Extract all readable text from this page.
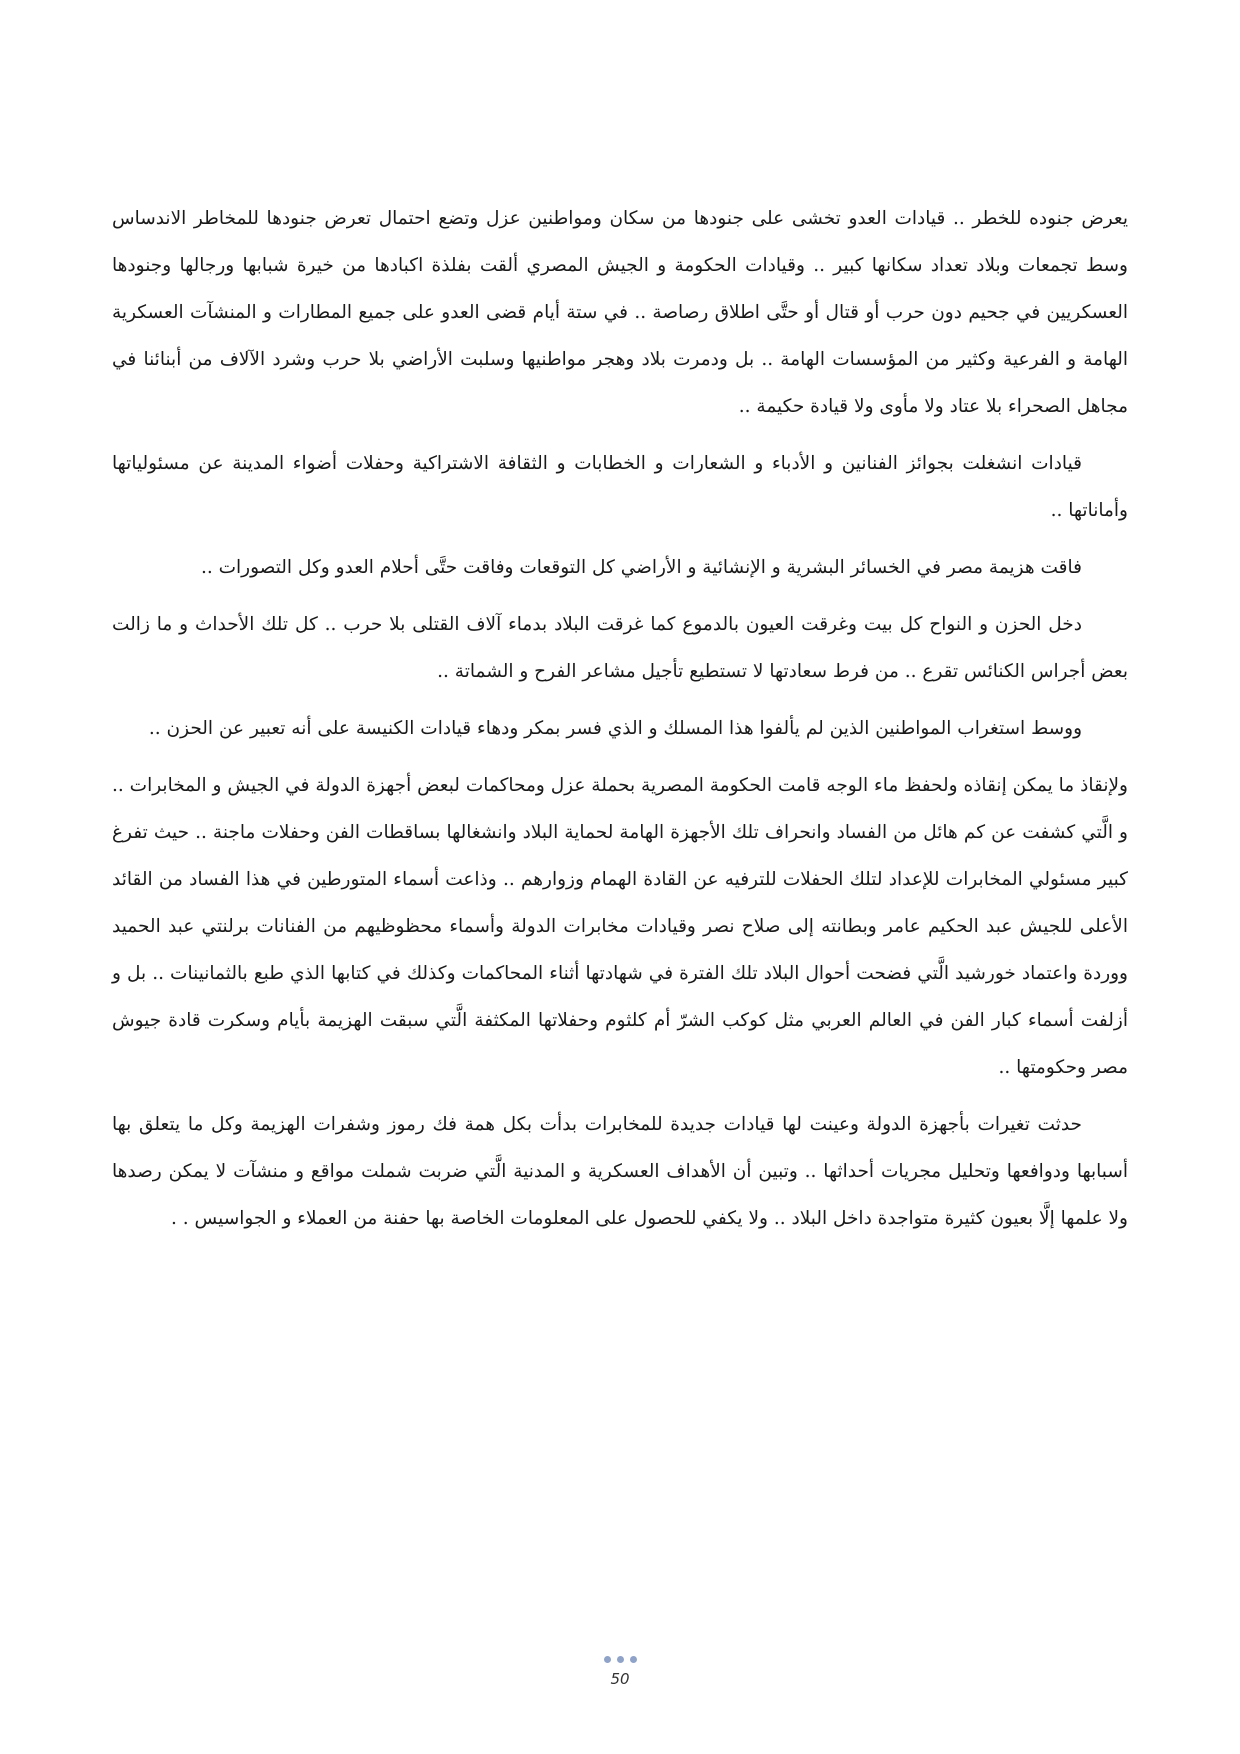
يعرض جنوده للخطر .. قيادات العدو تخشى على جنودها من سكان ومواطنين عزل وتضع احتمال تعرض جنودها للمخاطر الاندساس وسط تجمعات وبلاد تعداد سكانها كبير .. وقيادات الحكومة و الجيش المصري ألقت بفلذة اكبادها من خيرة شبابها ورجالها وجنودها العسكريين في جحيم دون حرب أو قتال أو حتَّى اطلاق رصاصة .. في ستة أيام قضى العدو على جميع المطارات و المنشآت العسكرية الهامة و الفرعية وكثير من المؤسسات الهامة .. بل ودمرت بلاد وهجر مواطنيها وسلبت الأراضي بلا حرب وشرد الآلاف من أبنائنا في مجاهل الصحراء بلا عتاد ولا مأوى ولا قيادة حكيمة ..

قيادات انشغلت بجوائز الفنانين و الأدباء و الشعارات و الخطابات و الثقافة الاشتراكية وحفلات أضواء المدينة عن مسئولياتها وأماناتها ..

فاقت هزيمة مصر في الخسائر البشرية و الإنشائية و الأراضي كل التوقعات وفاقت حتَّى أحلام العدو وكل التصورات ..

دخل الحزن و النواح كل بيت وغرقت العيون بالدموع كما غرقت البلاد بدماء آلاف القتلى بلا حرب .. كل تلك الأحداث و ما زالت بعض أجراس الكنائس تقرع .. من فرط سعادتها لا تستطيع تأجيل مشاعر الفرح و الشماتة ..

ووسط استغراب المواطنين الذين لم يألفوا هذا المسلك و الذي فسر بمكر ودهاء قيادات الكنيسة على أنه تعبير عن الحزن ..

ولإنقاذ ما يمكن إنقاذه ولحفظ ماء الوجه قامت الحكومة المصرية بحملة عزل ومحاكمات لبعض أجهزة الدولة في الجيش و المخابرات .. و الَّتي كشفت عن كم هائل من الفساد وانحراف تلك الأجهزة الهامة لحماية البلاد وانشغالها بساقطات الفن وحفلات ماجنة .. حيث تفرغ كبير مسئولي المخابرات للإعداد لتلك الحفلات للترفيه عن القادة الهمام وزوارهم .. وذاعت أسماء المتورطين في هذا الفساد من القائد الأعلى للجيش عبد الحكيم عامر وبطانته إلى صلاح نصر وقيادات مخابرات الدولة وأسماء محظوظيهم من الفنانات برلنتي عبد الحميد ووردة واعتماد خورشيد الَّتي فضحت أحوال البلاد تلك الفترة في شهادتها أثناء المحاكمات وكذلك في كتابها الذي طبع بالثمانينات .. بل و أزلفت أسماء كبار الفن في العالم العربي مثل كوكب الشرّ أم كلثوم وحفلاتها المكثفة الَّتي سبقت الهزيمة بأيام وسكرت قادة جيوش مصر وحكومتها ..

حدثت تغيرات بأجهزة الدولة وعينت لها قيادات جديدة للمخابرات بدأت بكل همة فك رموز وشفرات الهزيمة وكل ما يتعلق بها أسبابها ودوافعها وتحليل مجريات أحداثها .. وتبين أن الأهداف العسكرية و المدنية الَّتي ضربت شملت مواقع و منشآت لا يمكن رصدها ولا علمها إلَّا بعيون كثيرة متواجدة داخل البلاد .. ولا يكفي للحصول على المعلومات الخاصة بها حفنة من العملاء و الجواسيس . .

50
